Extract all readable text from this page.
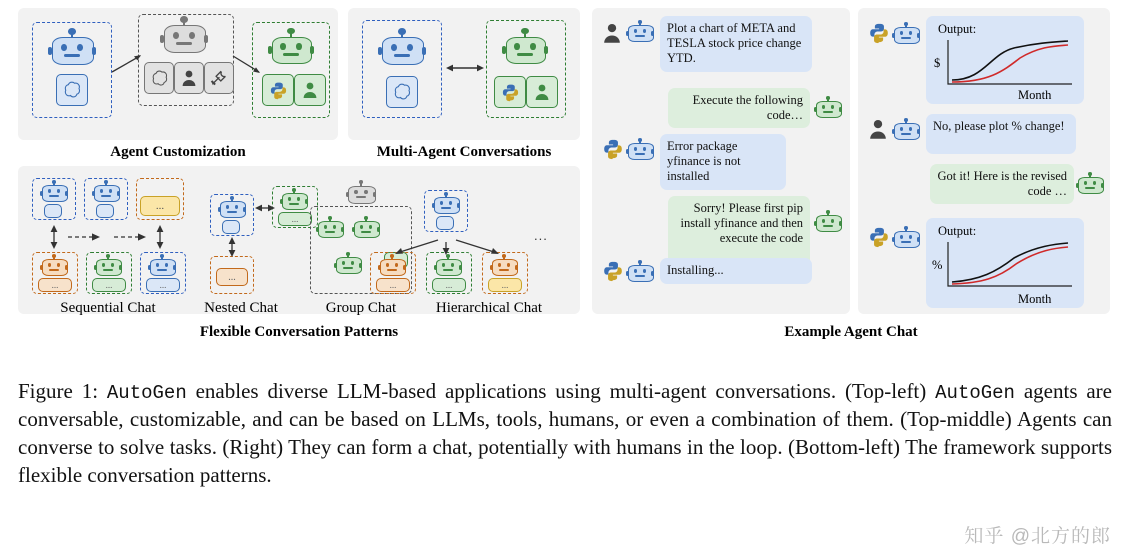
Agent Customization	Multi-Agent Conversations
...
...	...	...
Sequential Chat
...
...
Nested Chat	Group Chat
...	...	...
...
Hierarchical Chat
Flexible Conversation Patterns
Plot a chart of META and TESLA stock price change YTD.
Execute the following code…
Error package yfinance is not installed
Sorry! Please first pip install yfinance and then execute the code
Installing...
Output:
$
Month
No, please plot % change!
Got it! Here is the revised code …
Output:
%
Month
Example Agent Chat
Figure 1: AutoGen enables diverse LLM-based applications using multi-agent conversations. (Top-left) AutoGen agents are conversable, customizable, and can be based on LLMs, tools, humans, or even a combination of them. (Top-middle) Agents can converse to solve tasks. (Right) They can form a chat, potentially with humans in the loop. (Bottom-left) The framework supports flexible conversation patterns.
知乎 @北方的郎
